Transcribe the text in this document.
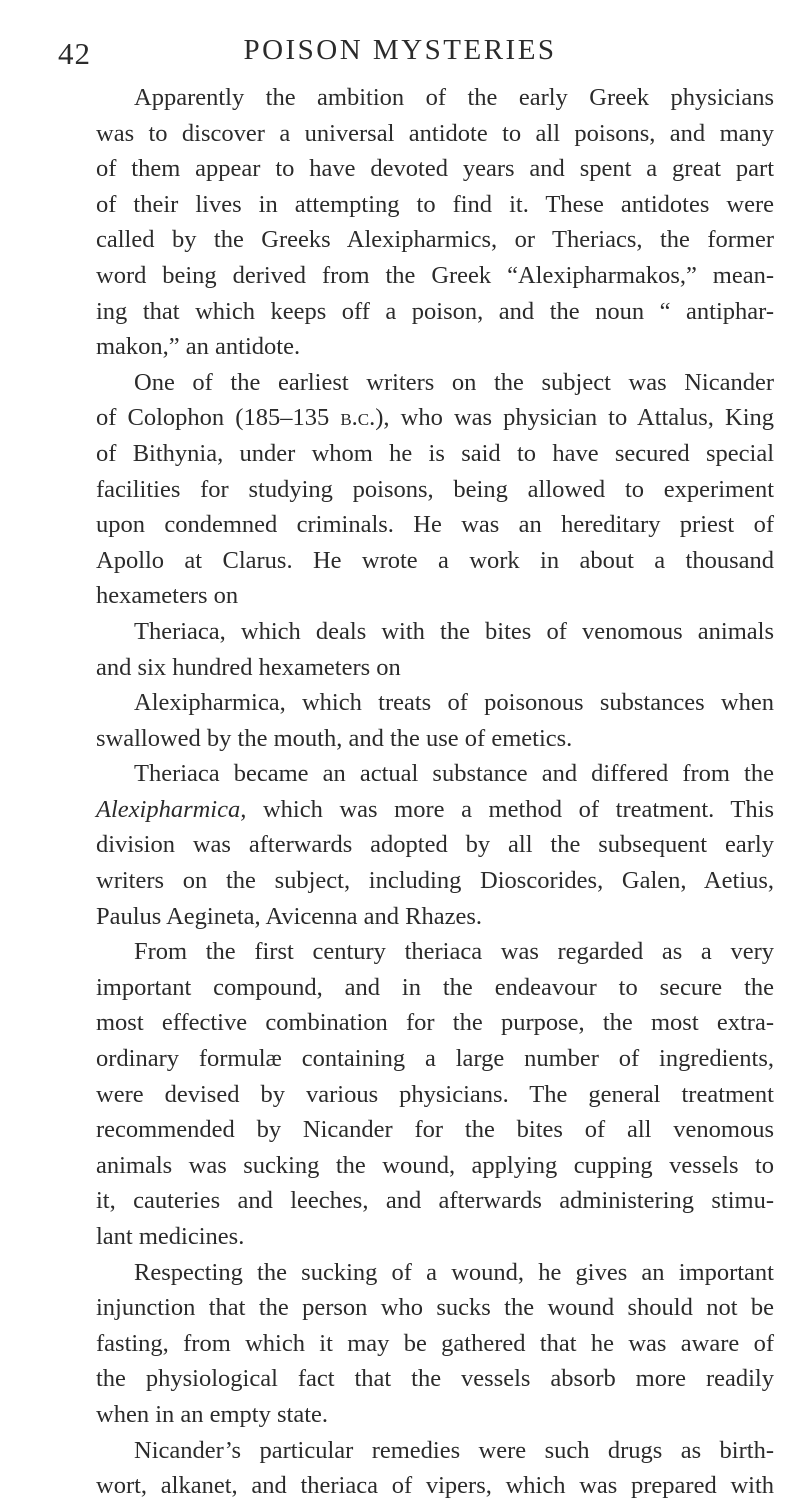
42	POISON MYSTERIES
Apparently the ambition of the early Greek physicians
was to discover a universal antidote to all poisons, and many
of them appear to have devoted years and spent a great part
of their lives in attempting to find it. These antidotes were
called by the Greeks Alexipharmics, or Theriacs, the former
word being derived from the Greek “Alexipharmakos,” mean-
ing that which keeps off a poison, and the noun “ antiphar-
makon,” an antidote.
One of the earliest writers on the subject was Nicander
of Colophon (185–135 b.c.), who was physician to Attalus, King
of Bithynia, under whom he is said to have secured special
facilities for studying poisons, being allowed to experiment
upon condemned criminals. He was an hereditary priest of
Apollo at Clarus. He wrote a work in about a thousand
hexameters on
Theriaca, which deals with the bites of venomous animals
and six hundred hexameters on
Alexipharmica, which treats of poisonous substances when
swallowed by the mouth, and the use of emetics.
Theriaca became an actual substance and differed from the
Alexipharmica, which was more a method of treatment. This
division was afterwards adopted by all the subsequent early
writers on the subject, including Dioscorides, Galen, Aetius,
Paulus Aegineta, Avicenna and Rhazes.
From the first century theriaca was regarded as a very
important compound, and in the endeavour to secure the
most effective combination for the purpose, the most extra-
ordinary formulæ containing a large number of ingredients,
were devised by various physicians. The general treatment
recommended by Nicander for the bites of all venomous
animals was sucking the wound, applying cupping vessels to
it, cauteries and leeches, and afterwards administering stimu-
lant medicines.
Respecting the sucking of a wound, he gives an important
injunction that the person who sucks the wound should not be
fasting, from which it may be gathered that he was aware of
the physiological fact that the vessels absorb more readily
when in an empty state.
Nicander’s particular remedies were such drugs as birth-
wort, alkanet, and theriaca of vipers, which was prepared with
